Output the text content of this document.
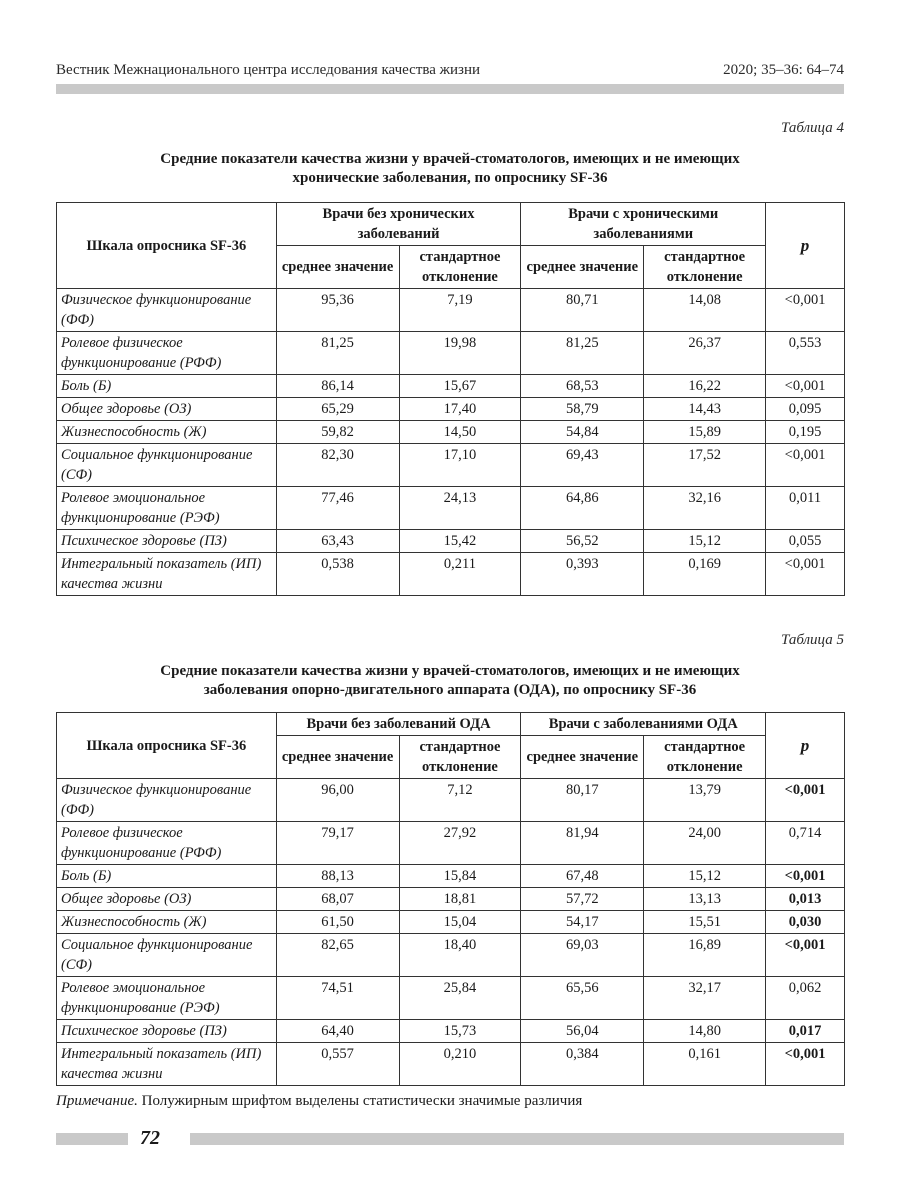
Вестник Межнационального центра исследования качества жизни	2020; 35–36: 64–74
Таблица 4
Средние показатели качества жизни у врачей-стоматологов, имеющих и не имеющих
хронические заболевания, по опроснику SF-36
Шкала опросника SF-36	Врачи без хронических заболеваний		Врачи с хроническими заболеваниями		p
	среднее значение	стандартное отклонение	среднее значение	стандартное отклонение	
Физическое функционирование (ФФ)	95,36	7,19	80,71	14,08	<0,001
Ролевое физическое функционирование (РФФ)	81,25	19,98	81,25	26,37	0,553
Боль (Б)	86,14	15,67	68,53	16,22	<0,001
Общее здоровье (ОЗ)	65,29	17,40	58,79	14,43	0,095
Жизнеспособность (Ж)	59,82	14,50	54,84	15,89	0,195
Социальное функционирование (СФ)	82,30	17,10	69,43	17,52	<0,001
Ролевое эмоциональное функционирование (РЭФ)	77,46	24,13	64,86	32,16	0,011
Психическое здоровье (ПЗ)	63,43	15,42	56,52	15,12	0,055
Интегральный показатель (ИП) качества жизни	0,538	0,211	0,393	0,169	<0,001
Таблица 5
Средние показатели качества жизни у врачей-стоматологов, имеющих и не имеющих
заболевания опорно-двигательного аппарата (ОДА), по опроснику SF-36
Шкала опросника SF-36	Врачи без заболеваний ОДА		Врачи с заболеваниями ОДА		p
	среднее значение	стандартное отклонение	среднее значение	стандартное отклонение	
Физическое функционирование (ФФ)	96,00	7,12	80,17	13,79	<0,001
Ролевое физическое функционирование (РФФ)	79,17	27,92	81,94	24,00	0,714
Боль (Б)	88,13	15,84	67,48	15,12	<0,001
Общее здоровье (ОЗ)	68,07	18,81	57,72	13,13	0,013
Жизнеспособность (Ж)	61,50	15,04	54,17	15,51	0,030
Социальное функционирование (СФ)	82,65	18,40	69,03	16,89	<0,001
Ролевое эмоциональное функционирование (РЭФ)	74,51	25,84	65,56	32,17	0,062
Психическое здоровье (ПЗ)	64,40	15,73	56,04	14,80	0,017
Интегральный показатель (ИП) качества жизни	0,557	0,210	0,384	0,161	<0,001
Примечание. Полужирным шрифтом выделены статистически значимые различия
72
